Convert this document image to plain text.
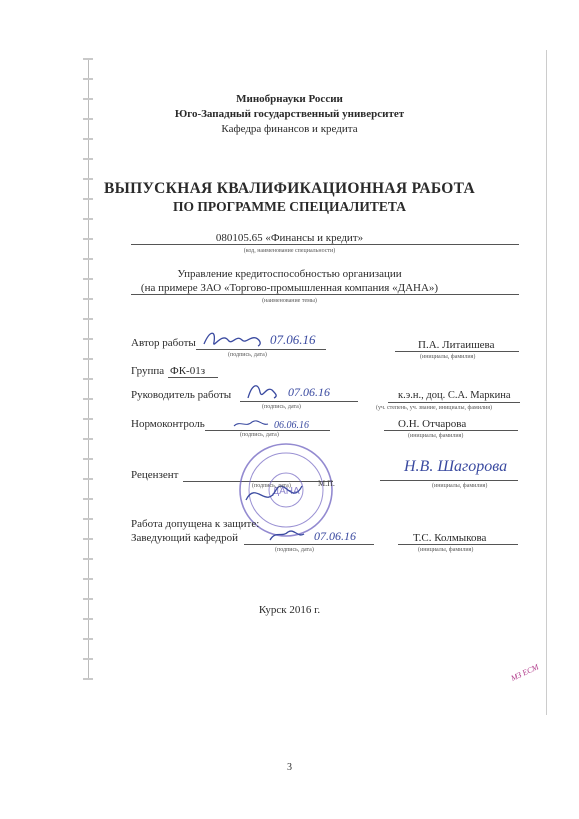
Минобрнауки России
Юго-Западный государственный университет
Кафедра финансов и кредита
ВЫПУСКНАЯ КВАЛИФИКАЦИОННАЯ РАБОТА
ПО ПРОГРАММЕ СПЕЦИАЛИТЕТА
080105.65 «Финансы и кредит»
(код, наименование специальности)
Управление кредитоспособностью организации
(на примере ЗАО «Торгово-промышленная компания «ДАНА»)
(наименование темы)
Автор работы	07.06.16
(подпись, дата)
П.А. Литаишева
(инициалы, фамилия)
Группа ФК-01з
Руководитель работы	07.06.16
(подпись, дата)
к.э.н., доц. С.А. Маркина
(уч. степень, уч. звание, инициалы, фамилия)
Нормоконтроль	06.06.16
(подпись, дата)
О.Н. Отчарова
(инициалы, фамилия)
Рецензент
ДАНА
(подпись, дата)	М.П.
Н.В. Шагорова
(инициалы, фамилия)
Работа допущена к защите:
Заведующий кафедрой	07.06.16
(подпись, дата)
Т.С. Колмыкова
(инициалы, фамилия)
Курск 2016 г.
МЗ ЕСМ
3
